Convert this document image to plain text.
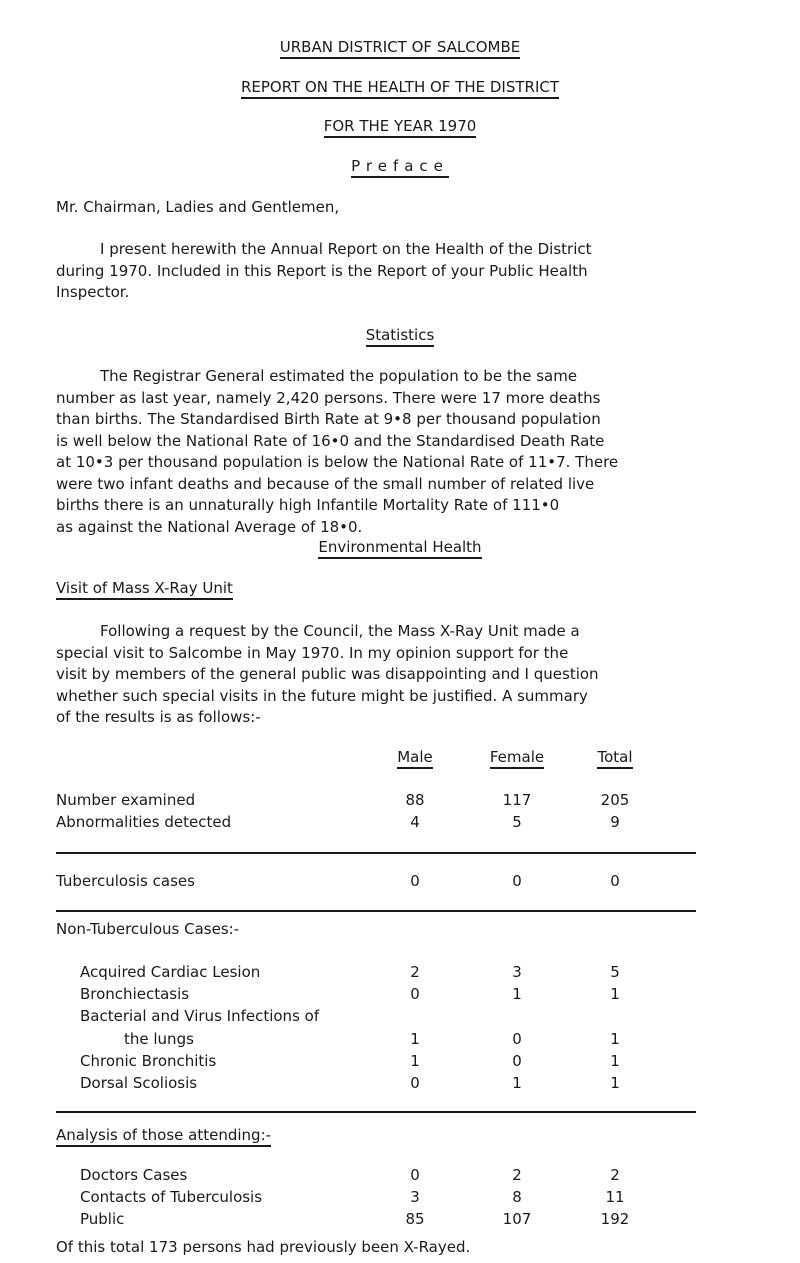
URBAN DISTRICT OF SALCOMBE
REPORT ON THE HEALTH OF THE DISTRICT
FOR THE YEAR 1970
Preface
Mr. Chairman, Ladies and Gentlemen,
I present herewith the Annual Report on the Health of the District
during 1970. Included in this Report is the Report of your Public Health
Inspector.
Statistics
The Registrar General estimated the population to be the same
number as last year, namely 2,420 persons. There were 17 more deaths
than births. The Standardised Birth Rate at 9•8 per thousand population
is well below the National Rate of 16•0 and the Standardised Death Rate
at 10•3 per thousand population is below the National Rate of 11•7. There
were two infant deaths and because of the small number of related live
births there is an unnaturally high Infantile Mortality Rate of 111•0
as against the National Average of 18•0.
Environmental Health
Visit of Mass X-Ray Unit
Following a request by the Council, the Mass X-Ray Unit made a
special visit to Salcombe in May 1970. In my opinion support for the
visit by members of the general public was disappointing and I question
whether such special visits in the future might be justified. A summary
of the results is as follows:-
Male	Female	Total
Number examined	88	117	205
Abnormalities detected	4	5	9
Tuberculosis cases	0	0	0
Non-Tuberculous Cases:-
Acquired Cardiac Lesion	2	3	5
Bronchiectasis	0	1	1
Bacterial and Virus Infections of
the lungs	1	0	1
Chronic Bronchitis	1	0	1
Dorsal Scoliosis	0	1	1
Analysis of those attending:-
Doctors Cases	0	2	2
Contacts of Tuberculosis	3	8	11
Public	85	107	192
Of this total 173 persons had previously been X-Rayed.
